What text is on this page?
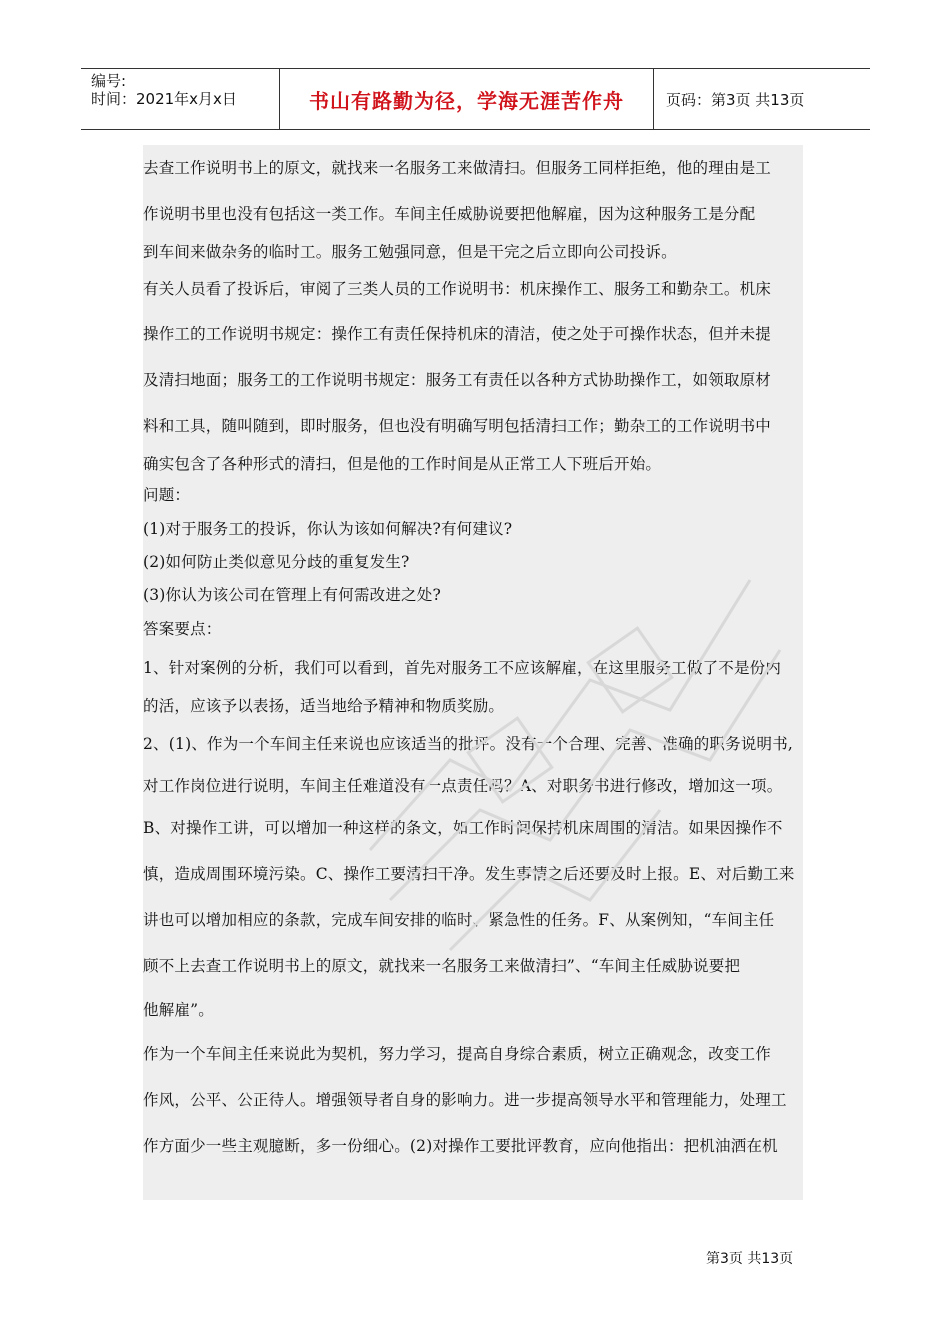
编号:
时间：2021年x月x日	书山有路勤为径，学海无涯苦作舟	页码：第3页 共13页

去查工作说明书上的原文，就找来一名服务工来做清扫。但服务工同样拒绝，他的理由是工

作说明书里也没有包括这一类工作。车间主任威胁说要把他解雇，因为这种服务工是分配

到车间来做杂务的临时工。服务工勉强同意，但是干完之后立即向公司投诉。

有关人员看了投诉后，审阅了三类人员的工作说明书：机床操作工、服务工和勤杂工。机床

操作工的工作说明书规定：操作工有责任保持机床的清洁，使之处于可操作状态，但并未提

及清扫地面；服务工的工作说明书规定：服务工有责任以各种方式协助操作工，如领取原材

料和工具，随叫随到，即时服务，但也没有明确写明包括清扫工作；勤杂工的工作说明书中

确实包含了各种形式的清扫，但是他的工作时间是从正常工人下班后开始。

问题：

(1)对于服务工的投诉，你认为该如何解决?有何建议?

(2)如何防止类似意见分歧的重复发生?

(3)你认为该公司在管理上有何需改进之处?

答案要点：

1、针对案例的分析，我们可以看到，首先对服务工不应该解雇，在这里服务工做了不是份内

的活，应该予以表扬，适当地给予精神和物质奖励。

2、(1)、作为一个车间主任来说也应该适当的批评。没有一个合理、完善、准确的职务说明书,

对工作岗位进行说明，车间主任难道没有一点责任吗？A、对职务书进行修改，增加这一项。

B、对操作工讲，可以增加一种这样的条文，如工作时间保持机床周围的清洁。如果因操作不

慎，造成周围环境污染。C、操作工要清扫干净。发生事情之后还要及时上报。E、对后勤工来

讲也可以增加相应的条款，完成车间安排的临时、紧急性的任务。F、从案例知，“车间主任

顾不上去查工作说明书上的原文，就找来一名服务工来做清扫”、“车间主任威胁说要把

他解雇”。

作为一个车间主任来说此为契机，努力学习，提高自身综合素质，树立正确观念，改变工作

作风，公平、公正待人。增强领导者自身的影响力。进一步提高领导水平和管理能力，处理工

作方面少一些主观臆断，多一份细心。(2)对操作工要批评教育，应向他指出：把机油洒在机

第3页 共13页
